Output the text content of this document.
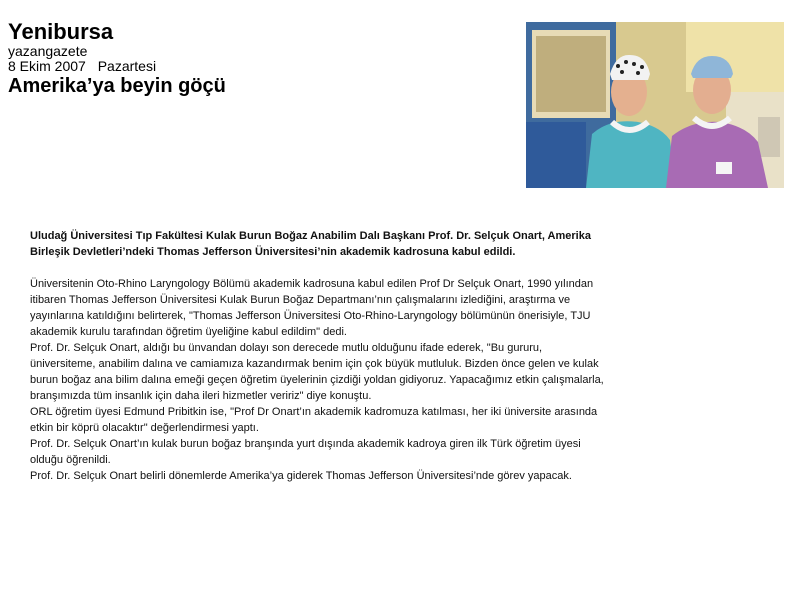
Yenibursa
yazangazete
8 Ekim 2007 Pazartesi
Amerika’ya beyin göçü

Uludağ Üniversitesi Tıp Fakültesi Kulak Burun Boğaz Anabilim Dalı Başkanı Prof. Dr. Selçuk Onart, Amerika Birleşik Devletleri’ndeki Thomas Jefferson Üniversitesi’nin akademik kadrosuna kabul edildi.

Üniversitenin Oto-Rhino Laryngology Bölümü akademik kadrosuna kabul edilen Prof Dr Selçuk Onart, 1990 yılından itibaren Thomas Jefferson Üniversitesi Kulak Burun Boğaz Departmanı’nın çalışmalarını izlediğini, araştırma ve yayınlarına katıldığını belirterek, "Thomas Jefferson Üniversitesi Oto-Rhino-Laryngology bölümünün önerisiyle, TJU akademik kurulu tarafından öğretim üyeliğine kabul edildim" dedi.

Prof. Dr. Selçuk Onart, aldığı bu ünvandan dolayı son derecede mutlu olduğunu ifade ederek, "Bu gururu, üniversiteme, anabilim dalına ve camiamıza kazandırmak benim için çok büyük mutluluk. Bizden önce gelen ve kulak burun boğaz ana bilim dalına emeği geçen öğretim üyelerinin çizdiği yoldan gidiyoruz. Yapacağımız etkin çalışmalarla, branşımızda tüm insanlık için daha ileri hizmetler veririz" diye konuştu.

ORL öğretim üyesi Edmund Pribitkin ise, "Prof Dr Onart’ın akademik kadromuza katılması, her iki üniversite arasında etkin bir köprü olacaktır" değerlendirmesi yaptı.

Prof. Dr. Selçuk Onart’ın kulak burun boğaz branşında yurt dışında akademik kadroya giren ilk Türk öğretim üyesi olduğu öğrenildi.

Prof. Dr. Selçuk Onart belirli dönemlerde Amerika’ya giderek Thomas Jefferson Üniversitesi’nde görev yapacak.
